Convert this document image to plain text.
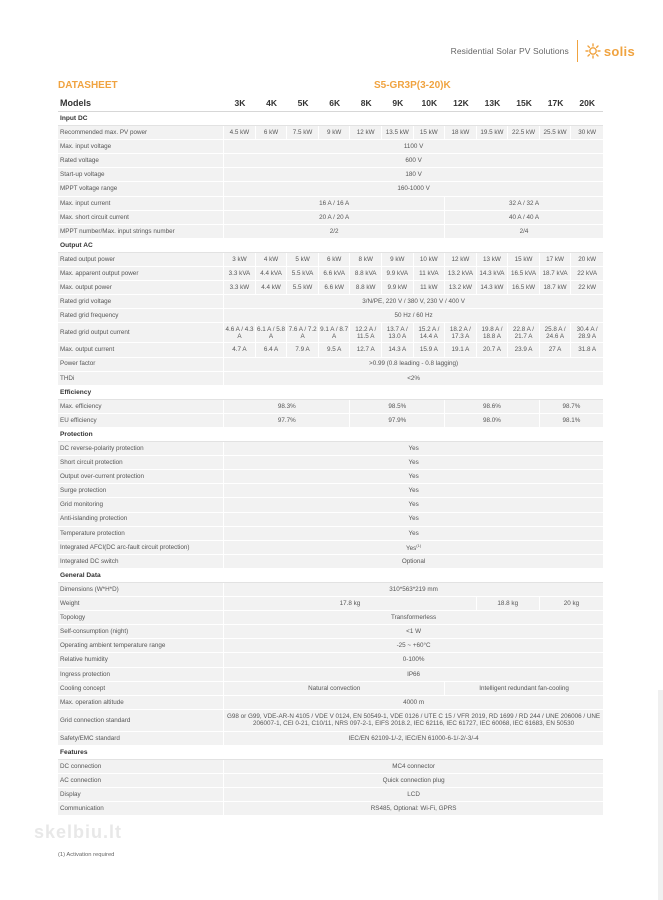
Residential Solar PV Solutions	solis
DATASHEET	S5-GR3P(3-20)K
Models	3K	4K	5K	6K	8K	9K	10K	12K	13K	15K	17K	20K
Input DC												
Recommended max. PV power	4.5 kW	6 kW	7.5 kW	9 kW	12 kW	13.5 kW	15 kW	18 kW	19.5 kW	22.5 kW	25.5 kW	30 kW
Max. input voltage	1100 V											
Rated voltage	600 V											
Start-up voltage	180 V											
MPPT voltage range	160-1000 V											
Max. input current	16 A / 16 A							32 A / 32 A				
Max. short circuit current	20 A / 20 A							40 A / 40 A				
MPPT number/Max. input strings number	2/2							2/4				
Output AC												
Rated output power	3 kW	4 kW	5 kW	6 kW	8 kW	9 kW	10 kW	12 kW	13 kW	15 kW	17 kW	20 kW
Max. apparent output power	3.3 kVA	4.4 kVA	5.5 kVA	6.6 kVA	8.8 kVA	9.9 kVA	11 kVA	13.2 kVA	14.3 kVA	16.5 kVA	18.7 kVA	22 kVA
Max. output power	3.3 kW	4.4 kW	5.5 kW	6.6 kW	8.8 kW	9.9 kW	11 kW	13.2 kW	14.3 kW	16.5 kW	18.7 kW	22 kW
Rated grid voltage	3/N/PE, 220 V / 380 V, 230 V / 400 V											
Rated grid frequency	50 Hz / 60 Hz											
Rated grid output current	4.6 A / 4.3 A	6.1 A / 5.8 A	7.6 A / 7.2 A	9.1 A / 8.7 A	12.2 A / 11.5 A	13.7 A / 13.0 A	15.2 A / 14.4 A	18.2 A / 17.3 A	19.8 A / 18.8 A	22.8 A / 21.7 A	25.8 A / 24.6 A	30.4 A / 28.9 A
Max. output current	4.7 A	6.4 A	7.9 A	9.5 A	12.7 A	14.3 A	15.9 A	19.1 A	20.7 A	23.9 A	27 A	31.8 A
Power factor	>0.99 (0.8 leading - 0.8 lagging)											
THDi	<2%											
Efficiency												
Max. efficiency	98.3%				98.5%			98.6%			98.7%	
EU efficiency	97.7%				97.9%			98.0%			98.1%	
Protection												
DC reverse-polarity protection	Yes											
Short circuit protection	Yes											
Output over-current protection	Yes											
Surge protection	Yes											
Grid monitoring	Yes											
Anti-islanding protection	Yes											
Temperature protection	Yes											
Integrated AFCI(DC arc-fault circuit protection)	Yes$^{(1)}$
Integrated DC switch	Optional											
General Data												
Dimensions (W*H*D)	310*563*219 mm											
Weight	17.8 kg								18.8 kg		20 kg	
Topology	Transformerless											
Self-consumption (night)	<1 W											
Operating ambient temperature range	-25 ~ +60°C											
Relative humidity	0-100%											
Ingress protection	IP66											
Cooling concept	Natural convection							Intelligent redundant fan-cooling				
Max. operation altitude	4000 m											
Grid connection standard	G98 or G99, VDE-AR-N 4105 / VDE V 0124, EN 50549-1, VDE 0126 / UTE C 15 / VFR 2019, RD 1699 / RD 244 / UNE 206006 / UNE 206007-1, CEI 0-21, C10/11, NRS 097-2-1, EIFS 2018.2, IEC 62116, IEC 61727, IEC 60068, IEC 61683, EN 50530											
Safety/EMC standard	IEC/EN 62109-1/-2, IEC/EN 61000-6-1/-2/-3/-4											
Features												
DC connection	MC4 connector											
AC connection	Quick connection plug											
Display	LCD											
Communication	RS485, Optional: Wi-Fi, GPRS											
skelbiu.lt
(1) Activation required
